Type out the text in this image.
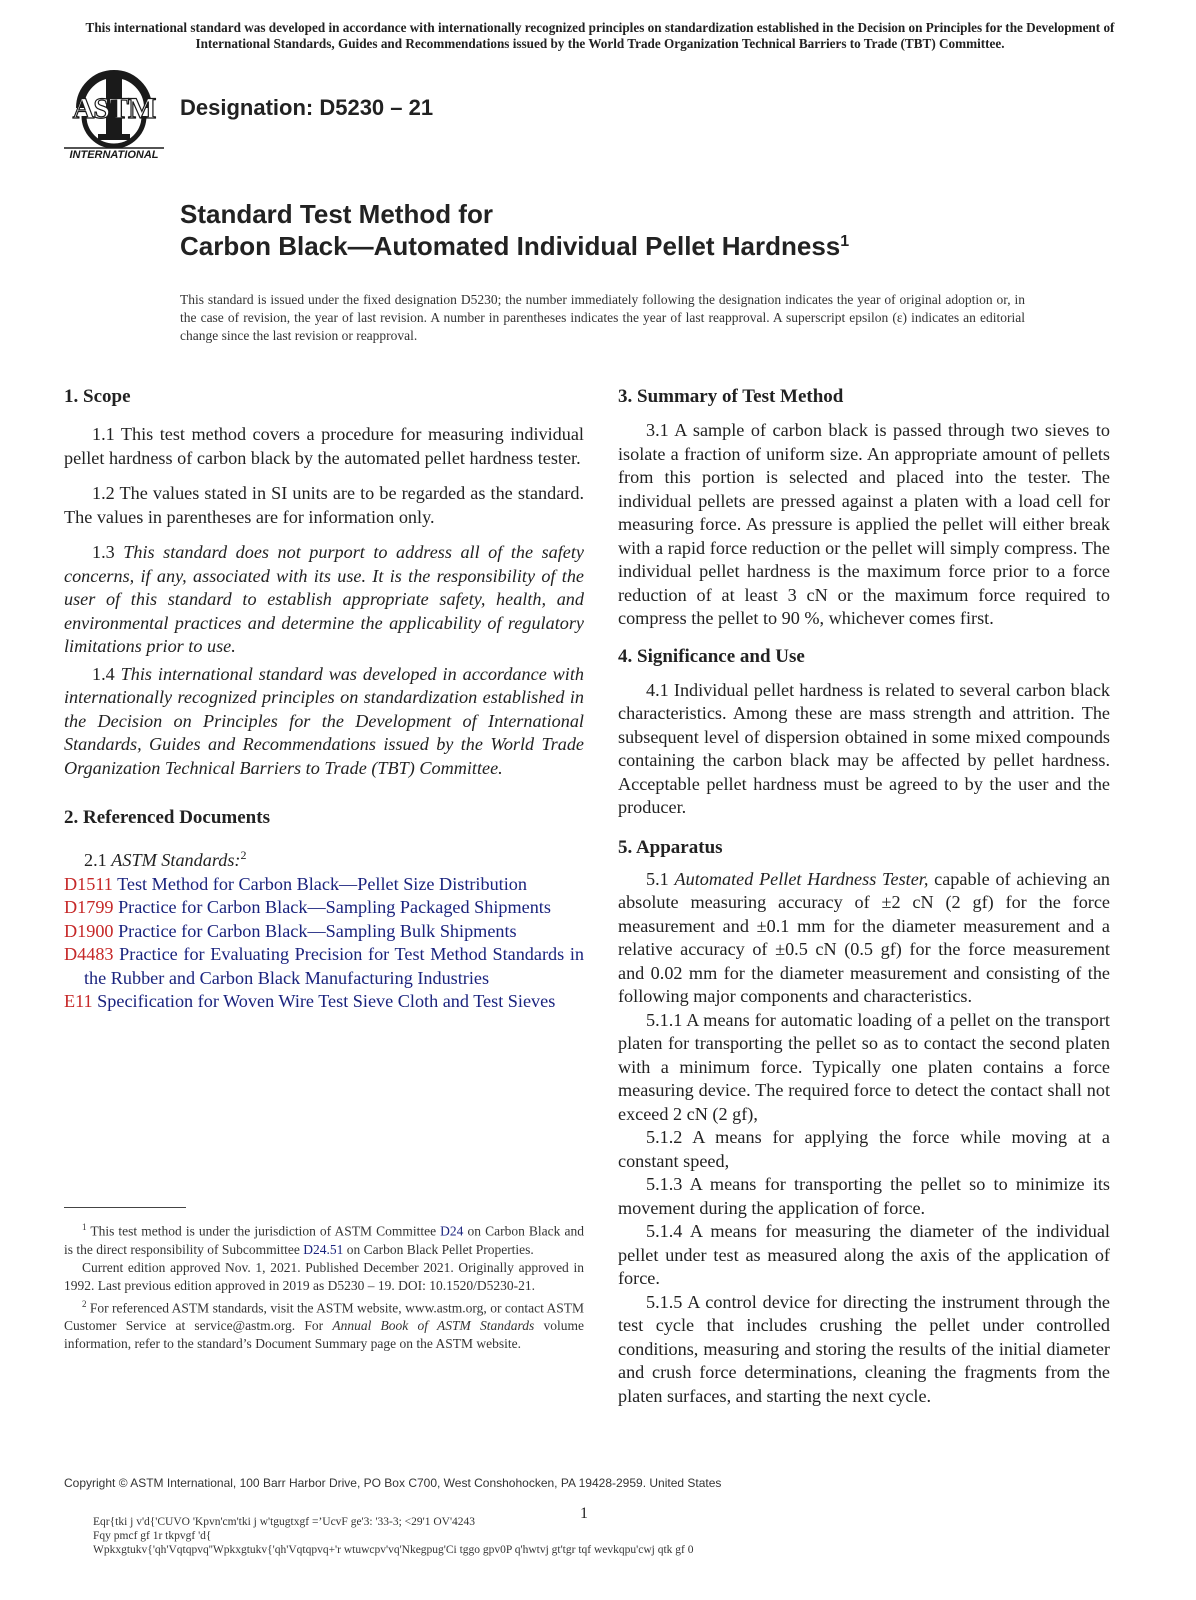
This international standard was developed in accordance with internationally recognized principles on standardization established in the Decision on Principles for the Development of International Standards, Guides and Recommendations issued by the World Trade Organization Technical Barriers to Trade (TBT) Committee.
ASTM
INTERNATIONAL
Designation: D5230 – 21
Standard Test Method for
Carbon Black—Automated Individual Pellet Hardness$^1$
This standard is issued under the fixed designation D5230; the number immediately following the designation indicates the year of original adoption or, in the case of revision, the year of last revision. A number in parentheses indicates the year of last reapproval. A superscript epsilon (ε) indicates an editorial change since the last revision or reapproval.
1. Scope

1.1 This test method covers a procedure for measuring individual pellet hardness of carbon black by the automated pellet hardness tester.

1.2 The values stated in SI units are to be regarded as the standard. The values in parentheses are for information only.

1.3 This standard does not purport to address all of the safety concerns, if any, associated with its use. It is the responsibility of the user of this standard to establish appropriate safety, health, and environmental practices and determine the applicability of regulatory limitations prior to use.

1.4 This international standard was developed in accordance with internationally recognized principles on standardization established in the Decision on Principles for the Development of International Standards, Guides and Recommendations issued by the World Trade Organization Technical Barriers to Trade (TBT) Committee.

2. Referenced Documents
2.1 ASTM Standards:$^2$
D1511 Test Method for Carbon Black—Pellet Size Distribution
D1799 Practice for Carbon Black—Sampling Packaged Shipments
D1900 Practice for Carbon Black—Sampling Bulk Shipments
D4483 Practice for Evaluating Precision for Test Method Standards in the Rubber and Carbon Black Manufacturing Industries
E11 Specification for Woven Wire Test Sieve Cloth and Test Sieves

$^1$ This test method is under the jurisdiction of ASTM Committee D24 on Carbon Black and is the direct responsibility of Subcommittee D24.51 on Carbon Black Pellet Properties.

Current edition approved Nov. 1, 2021. Published December 2021. Originally approved in 1992. Last previous edition approved in 2019 as D5230 – 19. DOI: 10.1520/D5230-21.

$^2$ For referenced ASTM standards, visit the ASTM website, www.astm.org, or contact ASTM Customer Service at service@astm.org. For Annual Book of ASTM Standards volume information, refer to the standard’s Document Summary page on the ASTM website.

3. Summary of Test Method

3.1 A sample of carbon black is passed through two sieves to isolate a fraction of uniform size. An appropriate amount of pellets from this portion is selected and placed into the tester. The individual pellets are pressed against a platen with a load cell for measuring force. As pressure is applied the pellet will either break with a rapid force reduction or the pellet will simply compress. The individual pellet hardness is the maximum force prior to a force reduction of at least 3 cN or the maximum force required to compress the pellet to 90 %, whichever comes first.

4. Significance and Use

4.1 Individual pellet hardness is related to several carbon black characteristics. Among these are mass strength and attrition. The subsequent level of dispersion obtained in some mixed compounds containing the carbon black may be affected by pellet hardness. Acceptable pellet hardness must be agreed to by the user and the producer.

5. Apparatus

5.1 Automated Pellet Hardness Tester, capable of achieving an absolute measuring accuracy of ±2 cN (2 gf) for the force measurement and ±0.1 mm for the diameter measurement and a relative accuracy of ±0.5 cN (0.5 gf) for the force measurement and 0.02 mm for the diameter measurement and consisting of the following major components and characteristics.

5.1.1 A means for automatic loading of a pellet on the transport platen for transporting the pellet so as to contact the second platen with a minimum force. Typically one platen contains a force measuring device. The required force to detect the contact shall not exceed 2 cN (2 gf),

5.1.2 A means for applying the force while moving at a constant speed,

5.1.3 A means for transporting the pellet so to minimize its movement during the application of force.

5.1.4 A means for measuring the diameter of the individual pellet under test as measured along the axis of the application of force.

5.1.5 A control device for directing the instrument through the test cycle that includes crushing the pellet under controlled conditions, measuring and storing the results of the initial diameter and crush force determinations, cleaning the fragments from the platen surfaces, and starting the next cycle.

Copyright © ASTM International, 100 Barr Harbor Drive, PO Box C700, West Conshohocken, PA 19428-2959. United States
1
Eqr{tki j v'd{'CUVO 'Kpvn'cm'tki j w'tgugtxgf =’UcvF ge'3: '33-3; <29'1 OV'4243
Fqy pmcf gf 1r tkpvgf 'd{
Wpkxgtukv{'qh'Vqtqpvq''Wpkxgtukv{'qh'Vqtqpvq+'r wtuwcpv'vq'Nkegpug'Ci tggo gpv0P q'hwtvj gt'tgr tqf wevkqpu'cwj qtk gf 0
